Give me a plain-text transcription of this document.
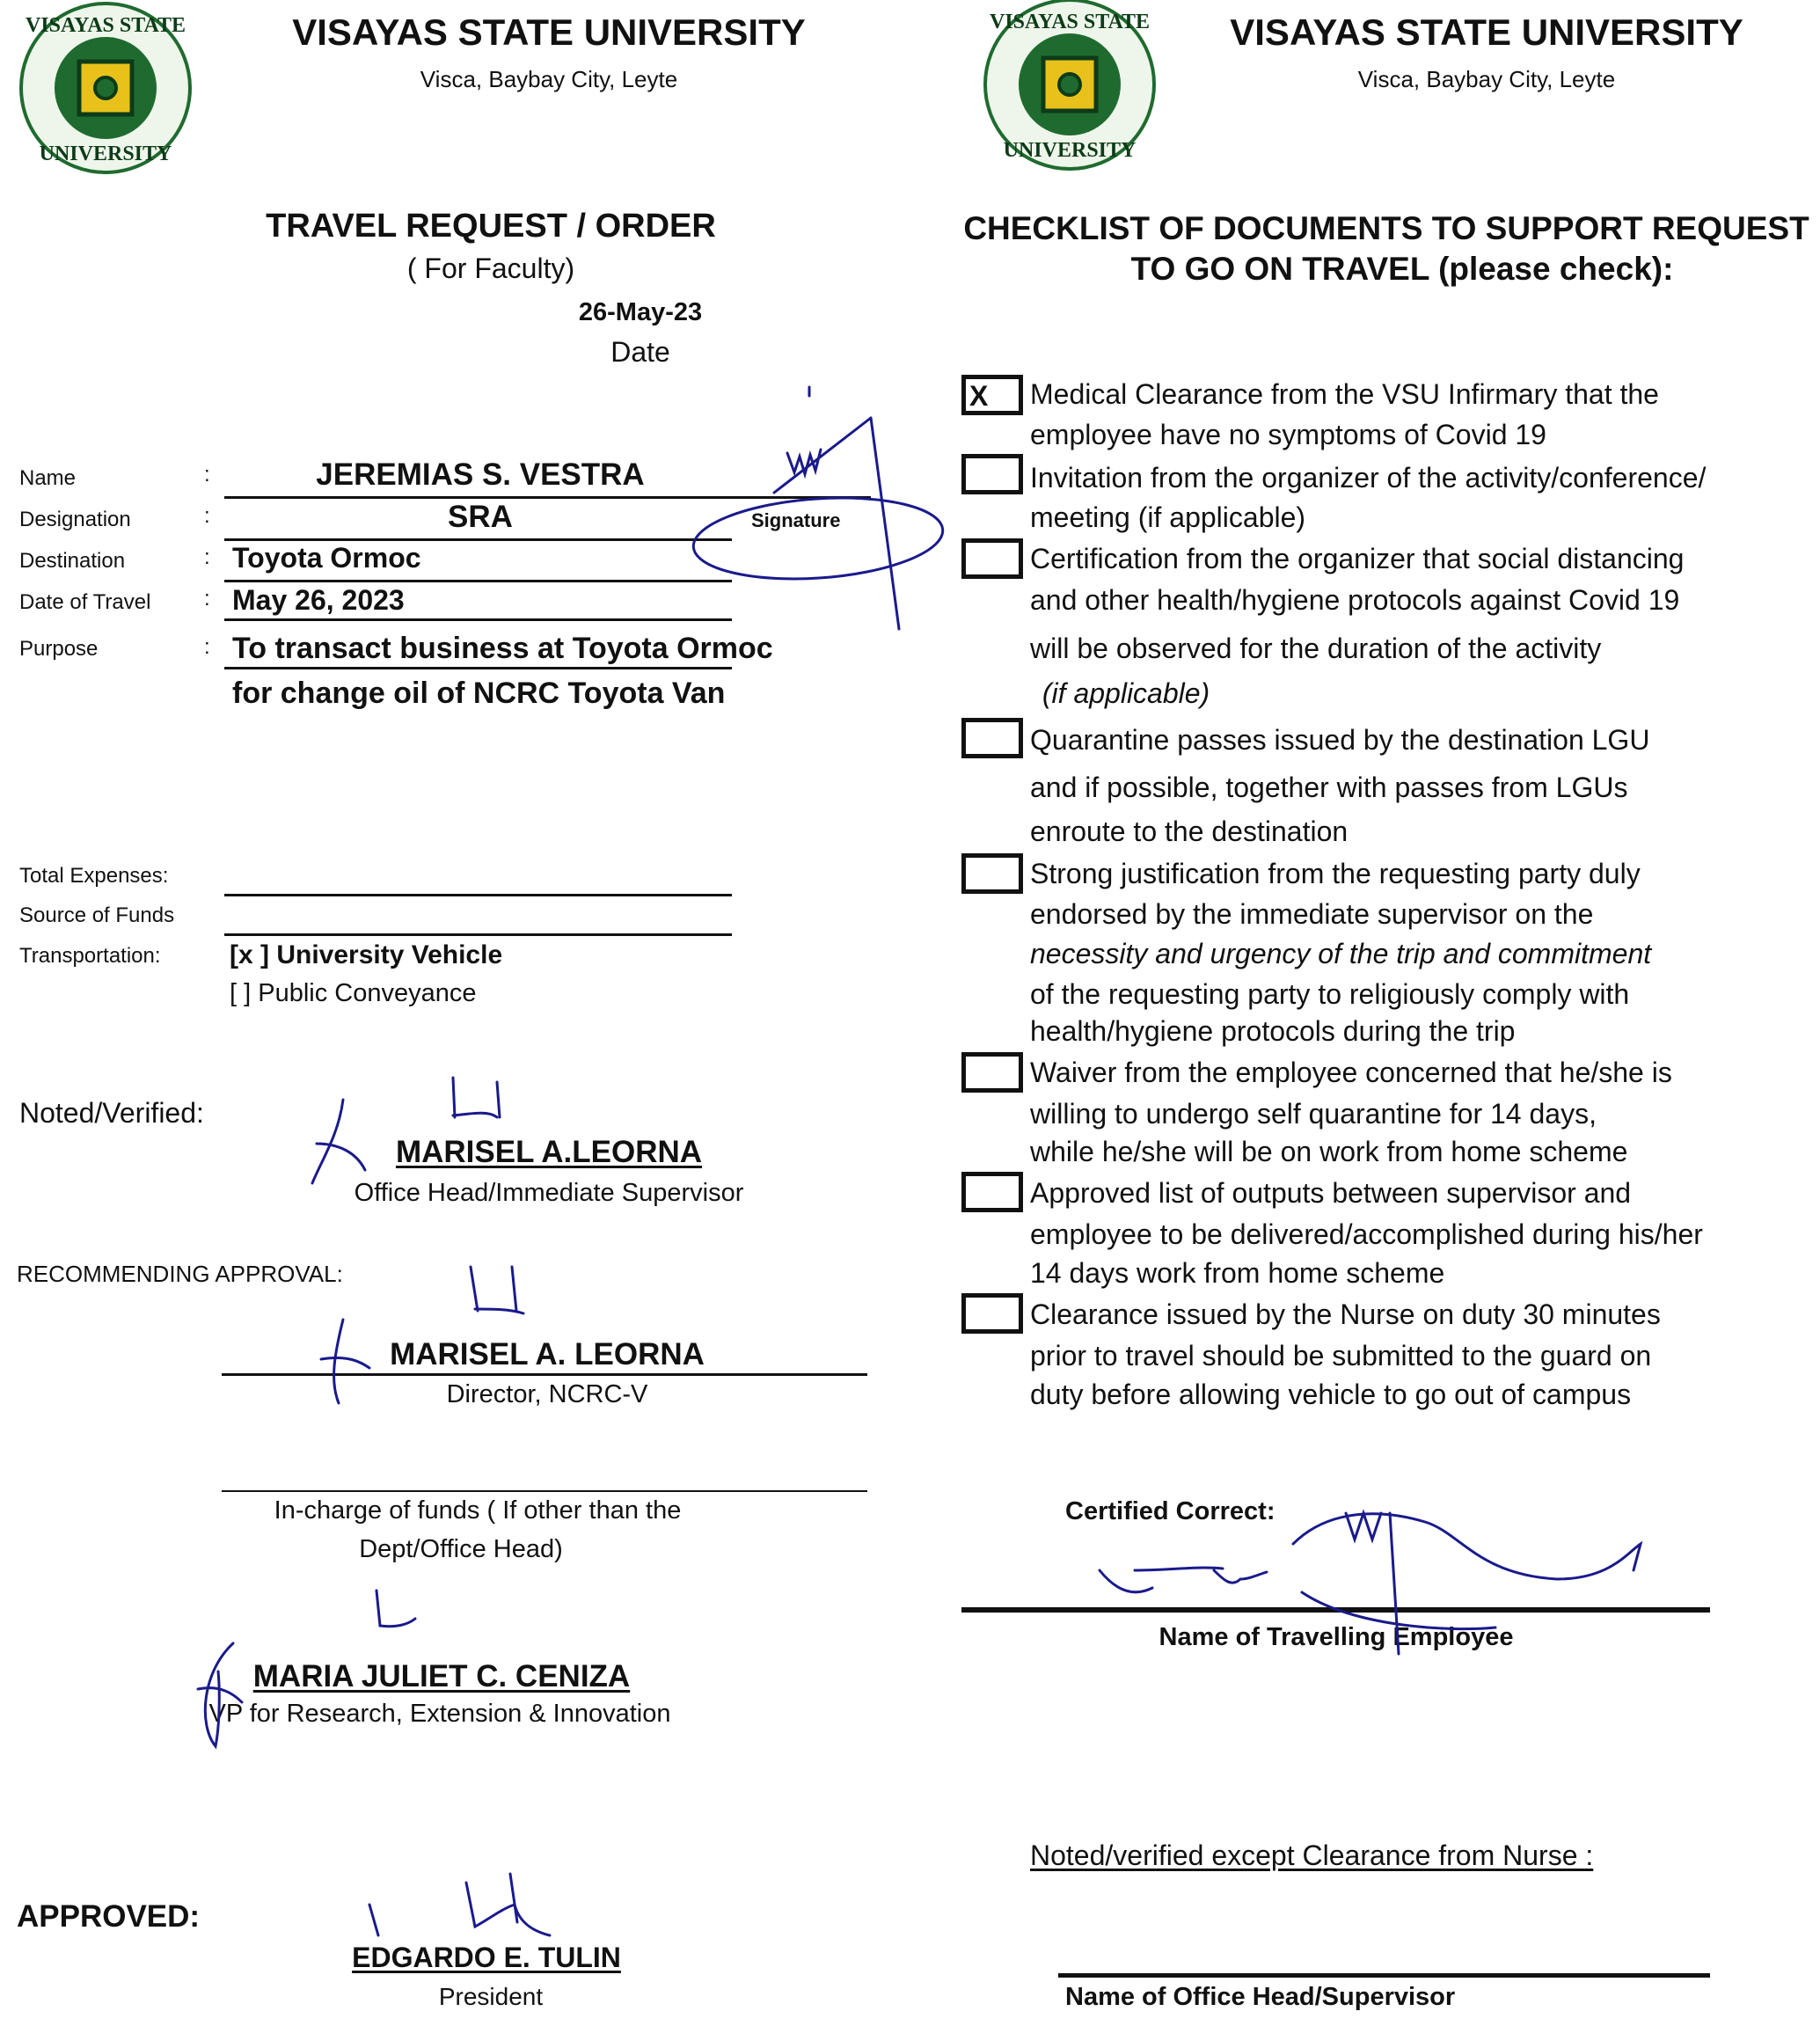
VISAYAS STATE
UNIVERSITY
VISAYAS STATE
UNIVERSITY
VISAYAS STATE UNIVERSITY
Visca, Baybay City, Leyte
VISAYAS STATE UNIVERSITY
Visca, Baybay City, Leyte
TRAVEL REQUEST / ORDER
( For Faculty)
26-May-23
Date
Name
Designation
Destination
Date of Travel
Purpose
:
:
:
:
:
JEREMIAS S. VESTRA
SRA
Toyota Ormoc
May 26, 2023
To transact business at Toyota Ormoc
for change oil of NCRC Toyota Van
Signature
Total Expenses:
Source of Funds
Transportation:	[x ] University Vehicle
[ ] Public Conveyance
Noted/Verified:
MARISEL A.LEORNA
Office Head/Immediate Supervisor
RECOMMENDING APPROVAL:
MARISEL A. LEORNA
Director, NCRC-V
In-charge of funds ( If other than the
Dept/Office Head)
MARIA JULIET C. CENIZA
VP for Research, Extension & Innovation
APPROVED:
EDGARDO E. TULIN
President
CHECKLIST OF DOCUMENTS TO SUPPORT REQUEST
TO GO ON TRAVEL (please check):
X	Medical Clearance from the VSU Infirmary that the
employee have no symptoms of Covid 19
Invitation from the organizer of the activity/conference/
meeting (if applicable)
Certification from the organizer that social distancing
and other health/hygiene protocols against Covid 19
will be observed for the duration of the activity
(if applicable)
Quarantine passes issued by the destination LGU
and if possible, together with passes from LGUs
enroute to the destination
Strong justification from the requesting party duly
endorsed by the immediate supervisor on the
necessity and urgency of the trip and commitment
of the requesting party to religiously comply with
health/hygiene protocols during the trip
Waiver from the employee concerned that he/she is
willing to undergo self quarantine for 14 days,
while he/she will be on work from home scheme
Approved list of outputs between supervisor and
employee to be delivered/accomplished during his/her
14 days work from home scheme
Clearance issued by the Nurse on duty 30 minutes
prior to travel should be submitted to the guard on
duty before allowing vehicle to go out of campus
Certified Correct:
Name of Travelling Employee
Noted/verified except Clearance from Nurse :
Name of Office Head/Supervisor
